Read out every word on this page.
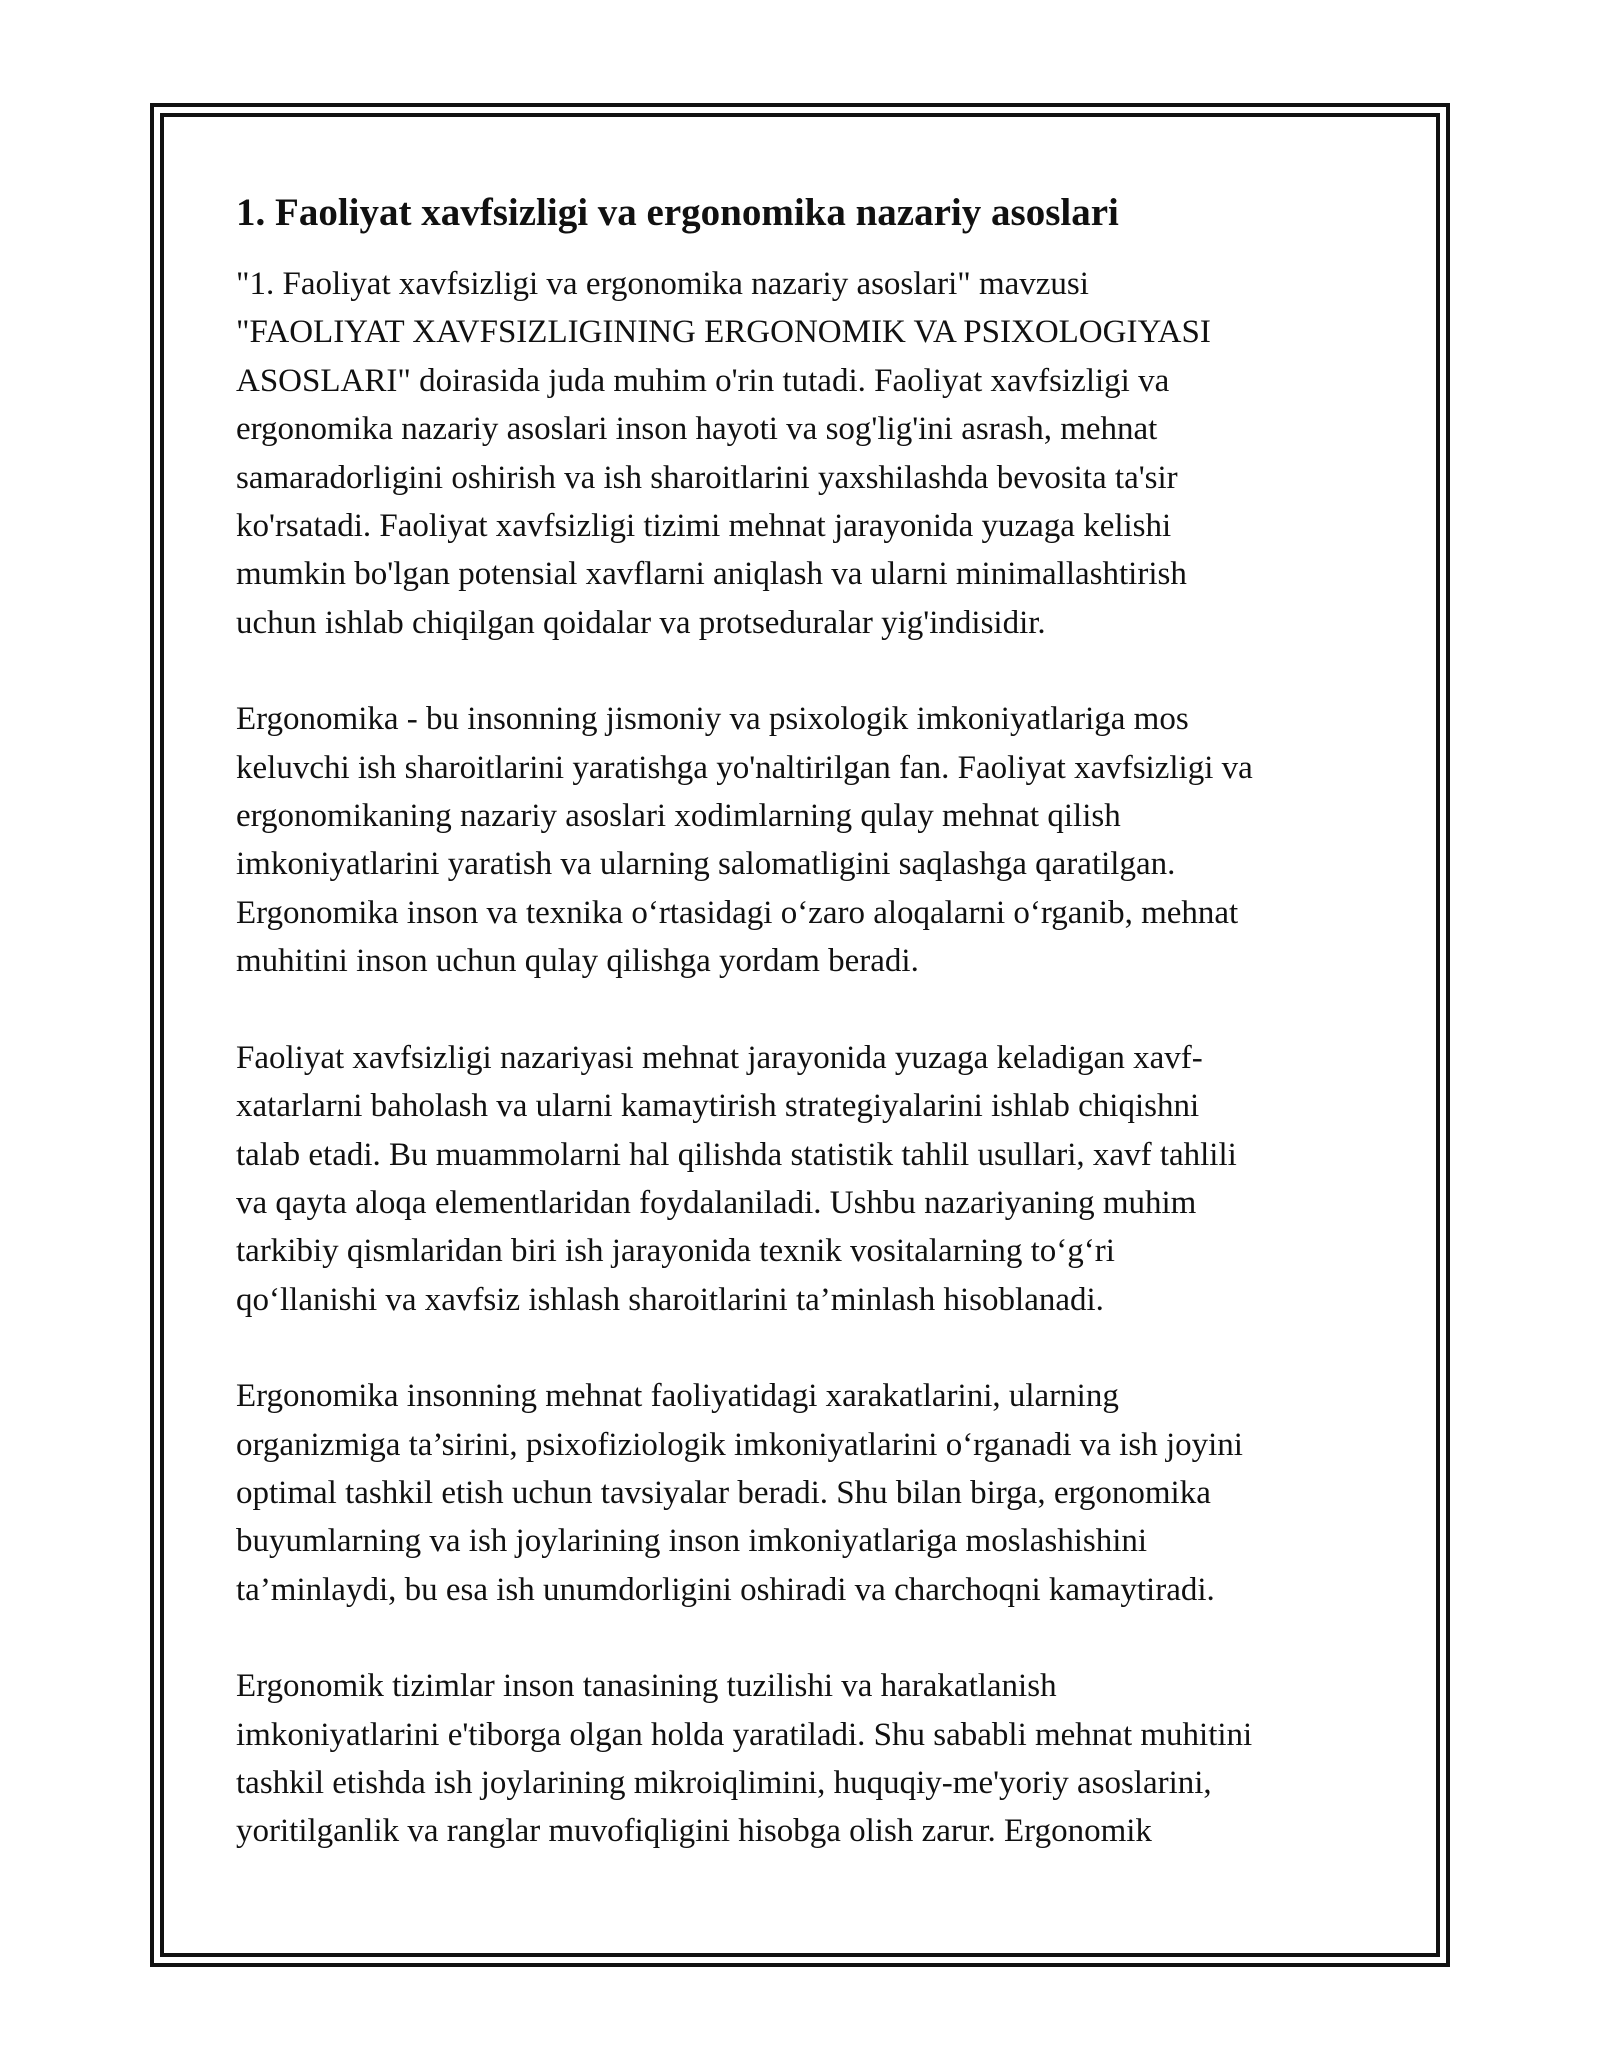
1. Faoliyat xavfsizligi va ergonomika nazariy asoslari

"1. Faoliyat xavfsizligi va ergonomika nazariy asoslari" mavzusi
"FAOLIYAT XAVFSIZLIGINING ERGONOMIK VA PSIXOLOGIYASI
ASOSLARI" doirasida juda muhim o'rin tutadi. Faoliyat xavfsizligi va
ergonomika nazariy asoslari inson hayoti va sog'lig'ini asrash, mehnat
samaradorligini oshirish va ish sharoitlarini yaxshilashda bevosita ta'sir
ko'rsatadi. Faoliyat xavfsizligi tizimi mehnat jarayonida yuzaga kelishi
mumkin bo'lgan potensial xavflarni aniqlash va ularni minimallashtirish
uchun ishlab chiqilgan qoidalar va protseduralar yig'indisidir.

Ergonomika - bu insonning jismoniy va psixologik imkoniyatlariga mos
keluvchi ish sharoitlarini yaratishga yo'naltirilgan fan. Faoliyat xavfsizligi va
ergonomikaning nazariy asoslari xodimlarning qulay mehnat qilish
imkoniyatlarini yaratish va ularning salomatligini saqlashga qaratilgan.
Ergonomika inson va texnika o‘rtasidagi o‘zaro aloqalarni o‘rganib, mehnat
muhitini inson uchun qulay qilishga yordam beradi.

Faoliyat xavfsizligi nazariyasi mehnat jarayonida yuzaga keladigan xavf-
xatarlarni baholash va ularni kamaytirish strategiyalarini ishlab chiqishni
talab etadi. Bu muammolarni hal qilishda statistik tahlil usullari, xavf tahlili
va qayta aloqa elementlaridan foydalaniladi. Ushbu nazariyaning muhim
tarkibiy qismlaridan biri ish jarayonida texnik vositalarning to‘g‘ri
qo‘llanishi va xavfsiz ishlash sharoitlarini ta’minlash hisoblanadi.

Ergonomika insonning mehnat faoliyatidagi xarakatlarini, ularning
organizmiga ta’sirini, psixofiziologik imkoniyatlarini o‘rganadi va ish joyini
optimal tashkil etish uchun tavsiyalar beradi. Shu bilan birga, ergonomika
buyumlarning va ish joylarining inson imkoniyatlariga moslashishini
ta’minlaydi, bu esa ish unumdorligini oshiradi va charchoqni kamaytiradi.

Ergonomik tizimlar inson tanasining tuzilishi va harakatlanish
imkoniyatlarini e'tiborga olgan holda yaratiladi. Shu sababli mehnat muhitini
tashkil etishda ish joylarining mikroiqlimini, huquqiy-me'yoriy asoslarini,
yoritilganlik va ranglar muvofiqligini hisobga olish zarur. Ergonomik
